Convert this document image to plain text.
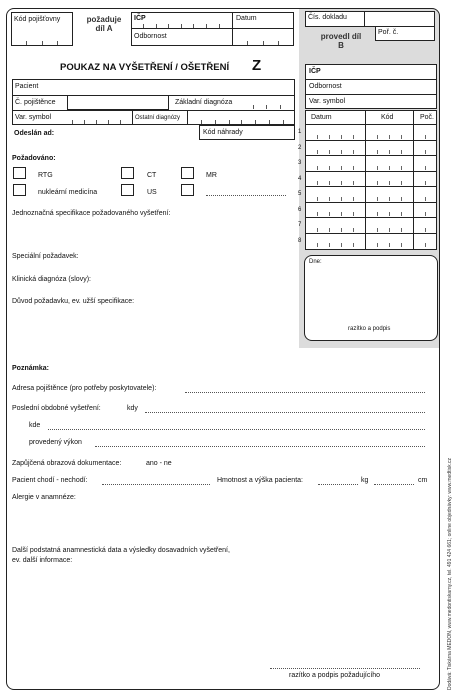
Kód pojišťovny	požaduje díl A
IČP	Datum
Odbornost
Čís. dokladu
Poř. č.
provedl díl B
POUKAZ NA VYŠETŘENÍ / OŠETŘENÍ Z
Pacient
Č. pojištěnce	Základní diagnóza
Var. symbol	Ostatní diagnózy
Odeslán ad:	Kód náhrady
IČP
Odbornost
Var. symbol
Datum	Kód	Poč.
1
2
3
4
5
6
7
8
Dne:
razítko a podpis
Požadováno:
RTG	CT	MR
nukleární medicína	US
Jednoznačná specifikace požadovaného vyšetření:
Speciální požadavek:
Klinická diagnóza (slovy):
Důvod požadavku, ev. užší specifikace:
Poznámka:
Adresa pojištěnce (pro potřeby poskytovatele):
Poslední obdobné vyšetření:	kdy
kde
provedený výkon
Zapůjčená obrazová dokumentace:	ano - ne
Pacient chodí - nechodí:	Hmotnost a výška pacienta:	kg	cm
Alergie v anamnéze:
Další podstatná anamnestická data a výsledky dosavadních vyšetření,
ev. další informace:
razítko a podpis požadujícího	Dodává: Tiskárna MEDON, www.medontiskarny.cz, tel. 491 424 661; online objednávky: www.medtisk.cz
